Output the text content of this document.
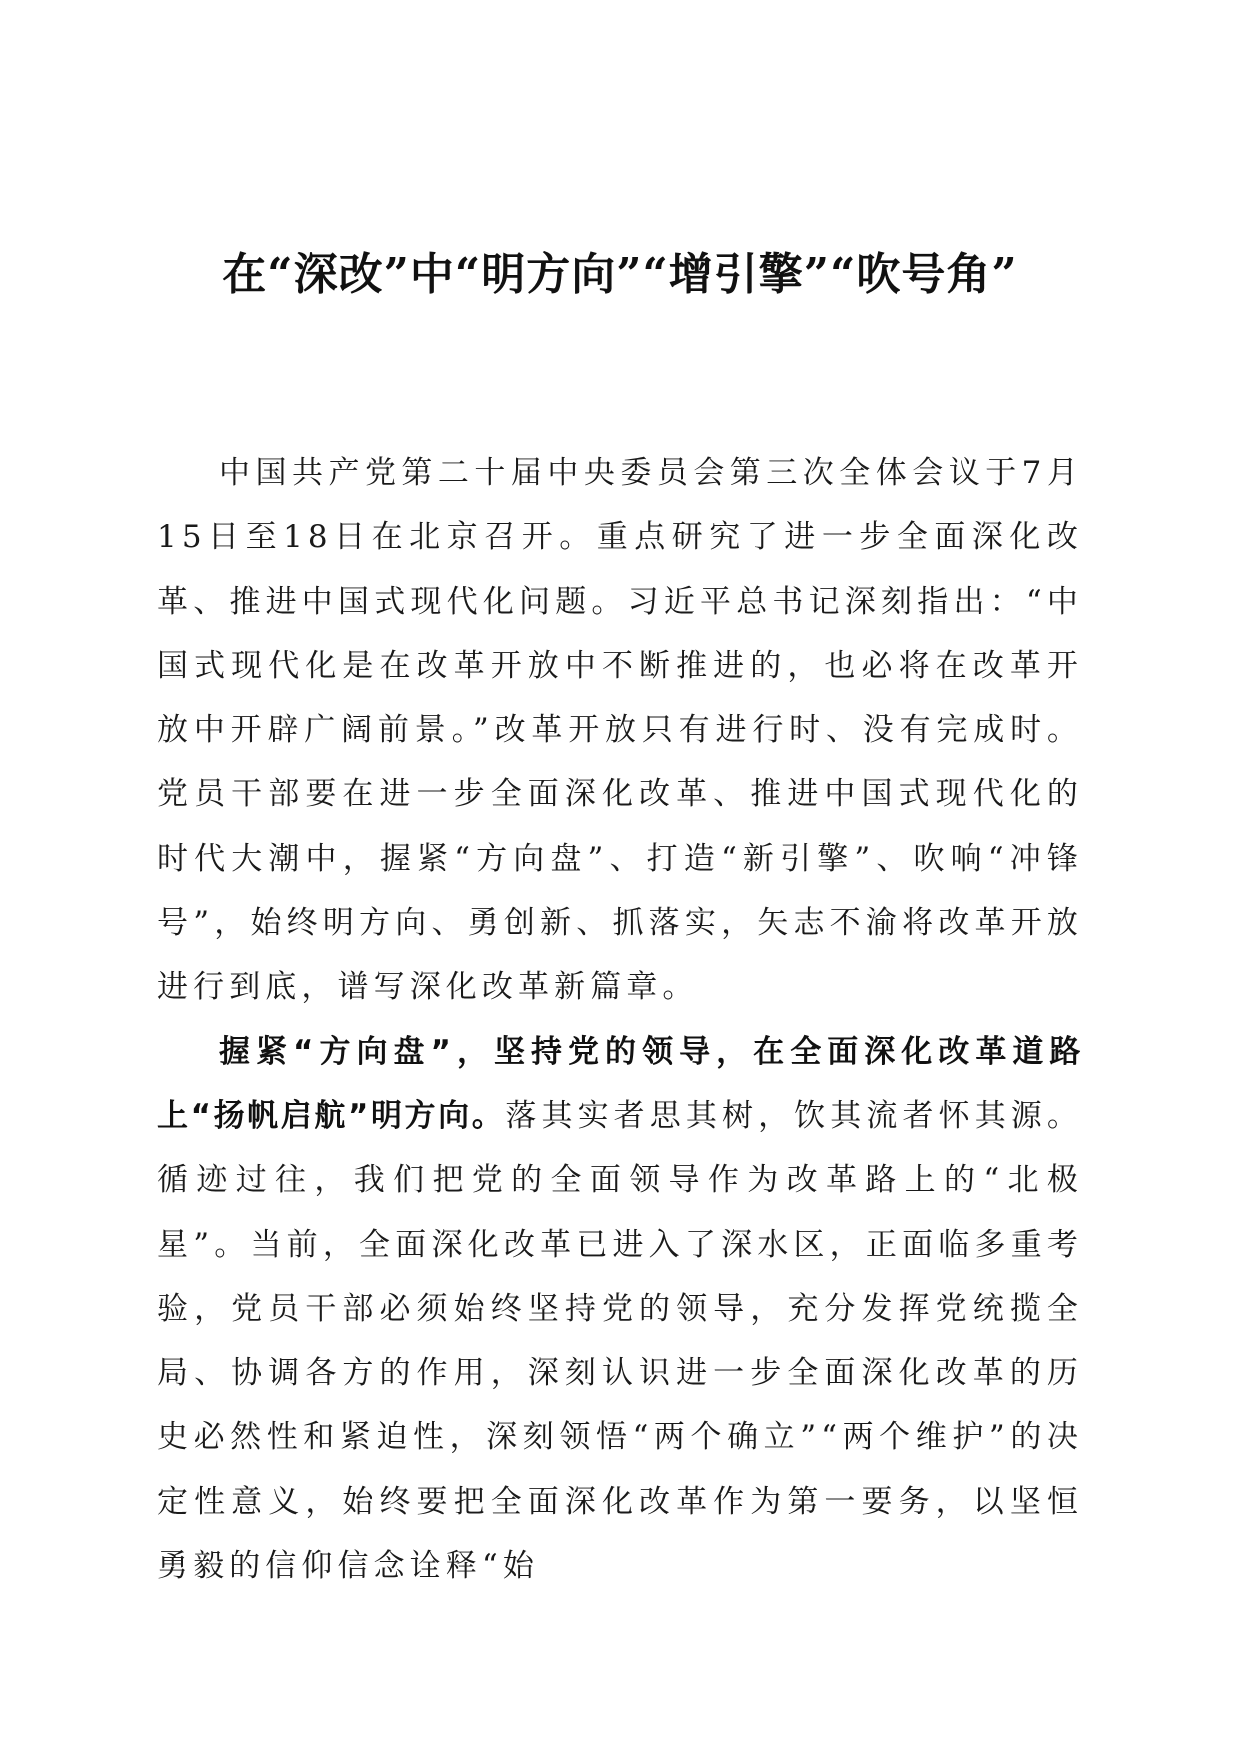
在“深改”中“明方向”“增引擎”“吹号角”

中国共产党第二十届中央委员会第三次全体会议于7月15日至18日在北京召开。重点研究了进一步全面深化改革、推进中国式现代化问题。习近平总书记深刻指出：“中国式现代化是在改革开放中不断推进的，也必将在改革开放中开辟广阔前景。”改革开放只有进行时、没有完成时。党员干部要在进一步全面深化改革、推进中国式现代化的时代大潮中，握紧“方向盘”、打造“新引擎”、吹响“冲锋号”，始终明方向、勇创新、抓落实，矢志不渝将改革开放进行到底，谱写深化改革新篇章。

握紧“方向盘”，坚持党的领导，在全面深化改革道路上“扬帆启航”明方向。落其实者思其树，饮其流者怀其源。循迹过往，我们把党的全面领导作为改革路上的“北极星”。当前，全面深化改革已进入了深水区，正面临多重考验，党员干部必须始终坚持党的领导，充分发挥党统揽全局、协调各方的作用，深刻认识进一步全面深化改革的历史必然性和紧迫性，深刻领悟“两个确立”“两个维护”的决定性意义，始终要把全面深化改革作为第一要务，以坚恒勇毅的信仰信念诠释“始
